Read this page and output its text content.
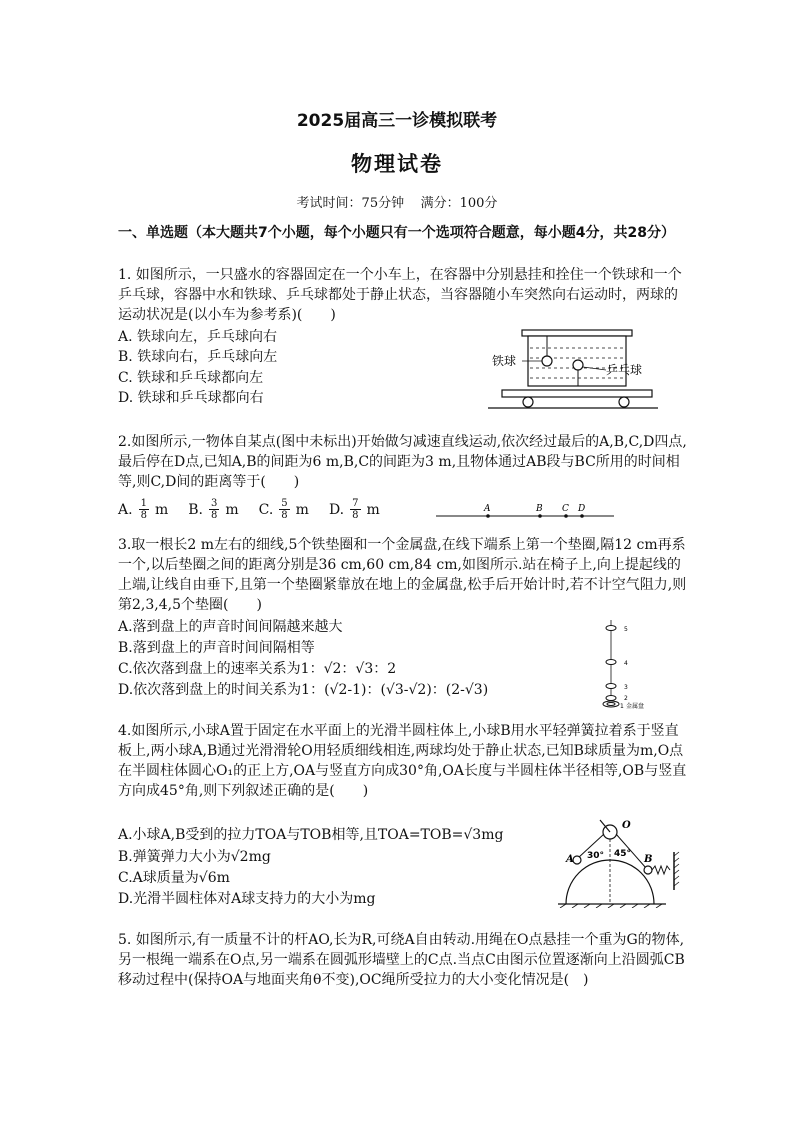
2025届高三一诊模拟联考
物理试卷
考试时间：75分钟    满分：100分
一、单选题（本大题共7个小题，每个小题只有一个选项符合题意，每小题4分，共28分）
1. 如图所示，一只盛水的容器固定在一个小车上，在容器中分别悬挂和拴住一个铁球和一个乒乓球，容器中水和铁球、乒乓球都处于静止状态，当容器随小车突然向右运动时，两球的运动状况是(以小车为参考系)(　　)
A. 铁球向左，乒乓球向右
B. 铁球向右，乒乓球向左
C. 铁球和乒乓球都向左
D. 铁球和乒乓球都向右
铁球
乒乓球
2.如图所示,一物体自某点(图中未标出)开始做匀减速直线运动,依次经过最后的A,B,C,D四点,最后停在D点,已知A,B的间距为6 m,B,C的间距为3 m,且物体通过AB段与BC所用的时间相等,则C,D间的距离等于(　　)
A. $\frac{1}{8}$ m B. $\frac{3}{8}$ m C. $\frac{5}{8}$ m D. $\frac{7}{8}$ m	A	B C D
3.取一根长2 m左右的细线,5个铁垫圈和一个金属盘,在线下端系上第一个垫圈,隔12 cm再系一个,以后垫圈之间的距离分别是36 cm,60 cm,84 cm,如图所示.站在椅子上,向上提起线的上端,让线自由垂下,且第一个垫圈紧靠放在地上的金属盘,松手后开始计时,若不计空气阻力,则第2,3,4,5个垫圈(　　)
A.落到盘上的声音时间间隔越来越大
B.落到盘上的声音时间间隔相等
C.依次落到盘上的速率关系为1：√2：√3：2
D.依次落到盘上的时间关系为1：(√2-1)：(√3-√2)：(2-√3)
5
4
3
2
1 金属盘
4.如图所示,小球A置于固定在水平面上的光滑半圆柱体上,小球B用水平轻弹簧拉着系于竖直板上,两小球A,B通过光滑滑轮O用轻质细线相连,两球均处于静止状态,已知B球质量为m,O点在半圆柱体圆心O₁的正上方,OA与竖直方向成30°角,OA长度与半圆柱体半径相等,OB与竖直方向成45°角,则下列叙述正确的是(　　)
A.小球A,B受到的拉力TOA与TOB相等,且TOA=TOB=√3mg
B.弹簧弹力大小为√2mg
C.A球质量为√6m
D.光滑半圆柱体对A球支持力的大小为mg
O
A	B
30° 45°
5. 如图所示,有一质量不计的杆AO,长为R,可绕A自由转动.用绳在O点悬挂一个重为G的物体,另一根绳一端系在O点,另一端系在圆弧形墙壁上的C点.当点C由图示位置逐渐向上沿圆弧CB移动过程中(保持OA与地面夹角θ不变),OC绳所受拉力的大小变化情况是(　)
